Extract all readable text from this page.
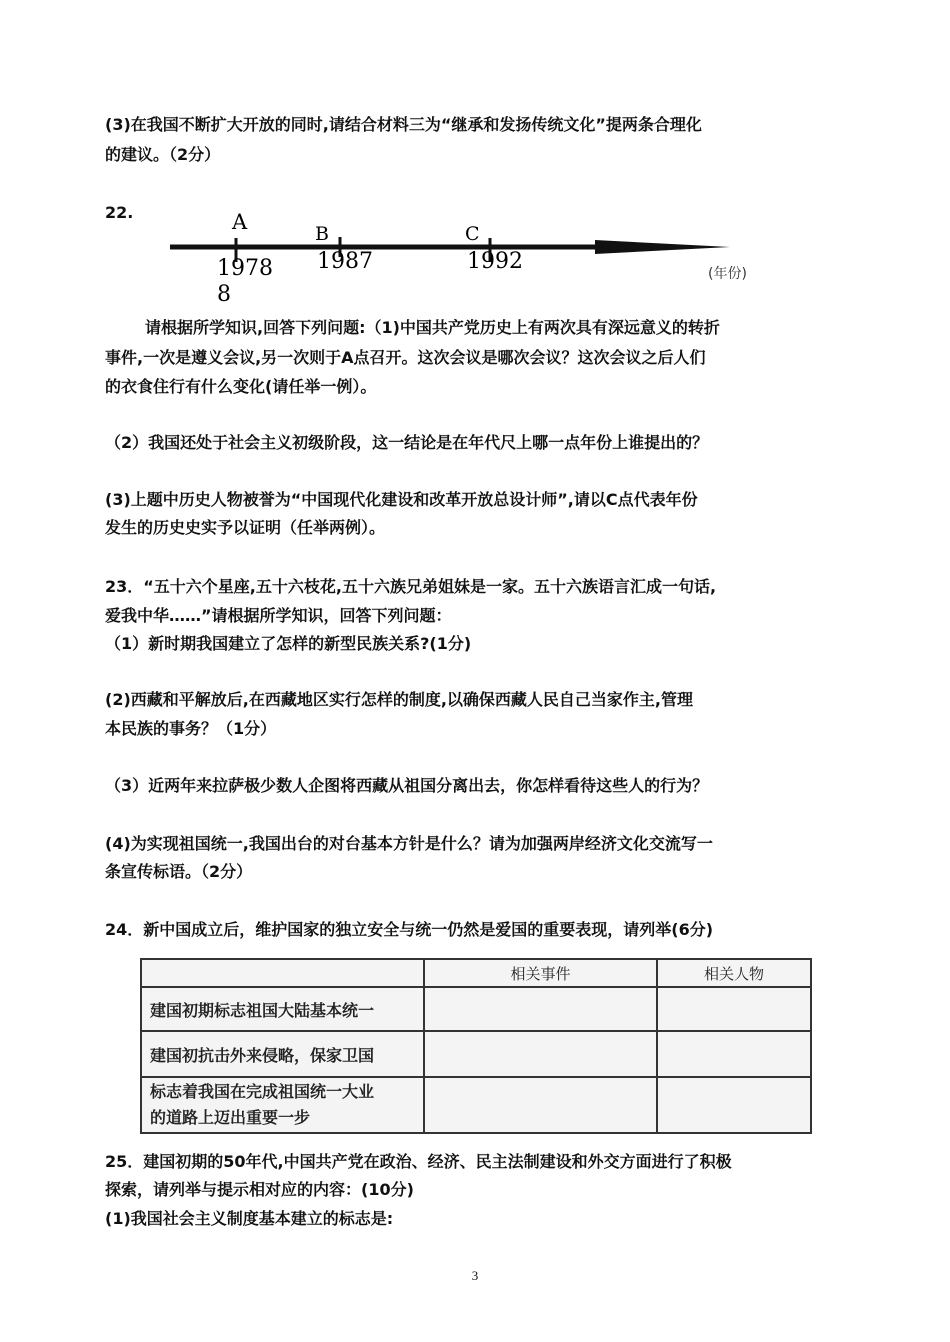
(3)在我国不断扩大开放的同时,请结合材料三为“继承和发扬传统文化”提两条合理化
的建议。（2分）
22.	A
1978
8
B
1987
C
1992	(年份)
请根据所学知识,回答下列问题:（1)中国共产党历史上有两次具有深远意义的转折
事件,一次是遵义会议,另一次则于A点召开。这次会议是哪次会议？这次会议之后人们
的衣食住行有什么变化(请任举一例）。
（2）我国还处于社会主义初级阶段，这一结论是在年代尺上哪一点年份上谁提出的？
(3)上题中历史人物被誉为“中国现代化建设和改革开放总设计师”,请以C点代表年份
发生的历史史实予以证明（任举两例）。
23．“五十六个星座,五十六枝花,五十六族兄弟姐妹是一家。五十六族语言汇成一句话,
爱我中华……”请根据所学知识，回答下列问题：
（1）新时期我国建立了怎样的新型民族关系?(1分)
(2)西藏和平解放后,在西藏地区实行怎样的制度,以确保西藏人民自己当家作主,管理
本民族的事务？（1分）
（3）近两年来拉萨极少数人企图将西藏从祖国分离出去，你怎样看待这些人的行为？
(4)为实现祖国统一,我国出台的对台基本方针是什么？请为加强两岸经济文化交流写一
条宣传标语。（2分）
24．新中国成立后，维护国家的独立安全与统一仍然是爱国的重要表现，请列举(6分)
	相关事件	相关人物
建国初期标志祖国大陆基本统一		
建国初抗击外来侵略，保家卫国		
标志着我国在完成祖国统一大业
的道路上迈出重要一步		
25．建国初期的50年代,中国共产党在政治、经济、民主法制建设和外交方面进行了积极
探索，请列举与提示相对应的内容：(10分)
(1)我国社会主义制度基本建立的标志是:
3
